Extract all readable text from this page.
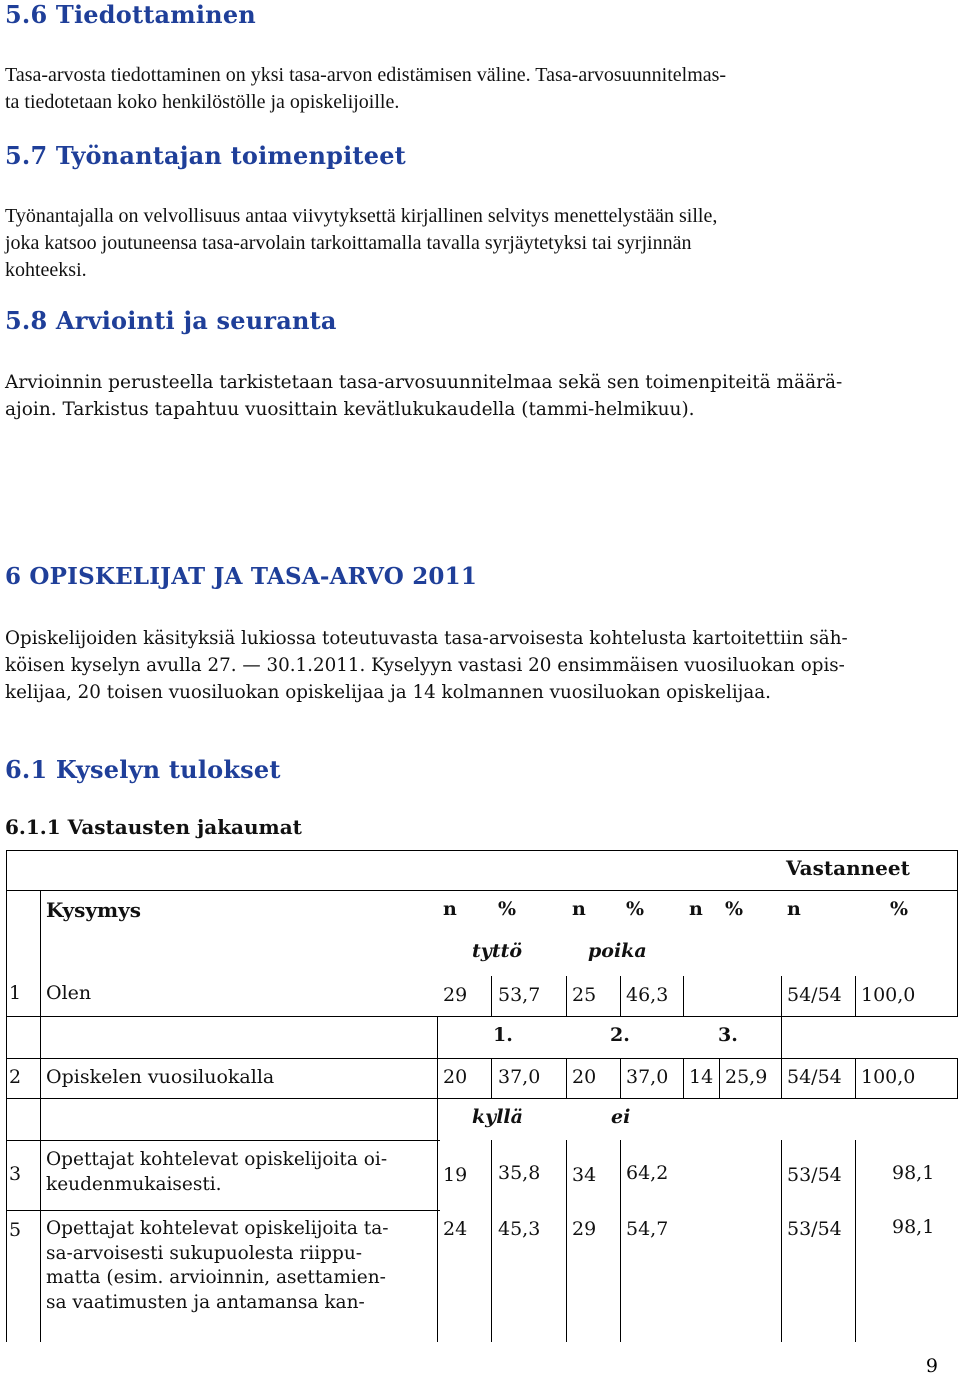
5.6 Tiedottaminen
Tasa-arvosta tiedottaminen on yksi tasa-arvon edistämisen väline. Tasa-arvosuunnitelmas-
ta tiedotetaan koko henkilöstölle ja opiskelijoille.
5.7 Työnantajan toimenpiteet
Työnantajalla on velvollisuus antaa viivytyksettä kirjallinen selvitys menettelystään sille,
joka katsoo joutuneensa tasa-arvolain tarkoittamalla tavalla syrjäytetyksi tai syrjinnän
kohteeksi.
5.8 Arviointi ja seuranta
Arvioinnin perusteella tarkistetaan tasa-arvosuunnitelmaa sekä sen toimenpiteitä määrä-
ajoin. Tarkistus tapahtuu vuosittain kevätlukukaudella (tammi-helmikuu).
6 OPISKELIJAT JA TASA-ARVO 2011
Opiskelijoiden käsityksiä lukiossa toteutuvasta tasa-arvoisesta kohtelusta kartoitettiin säh-
köisen kyselyn avulla 27. — 30.1.2011. Kyselyyn vastasi 20 ensimmäisen vuosiluokan opis-
kelijaa, 20 toisen vuosiluokan opiskelijaa ja 14 kolmannen vuosiluokan opiskelijaa.
6.1 Kyselyn tulokset
6.1.1 Vastausten jakaumat
Vastanneet
Kysymys	n %	n % n % n	%
tyttö	poika
1 Olen	29 53,7 25 46,3	54/54 100,0
1.	2.	3.
2 Opiskelen vuosiluokalla	20 37,0 20 37,0 14 25,9 54/54 100,0
kyllä	ei
3
Opettajat kohtelevat opiskelijoita oi-
keudenmukaisesti.	19 35,8 34 64,2	53/54	98,1
5 Opettajat kohtelevat opiskelijoita ta-
sa-arvoisesti sukupuolesta riippu-
matta (esim. arvioinnin, asettamien-
sa vaatimusten ja antamansa kan-
24 45,3 29 54,7	53/54	98,1
9
